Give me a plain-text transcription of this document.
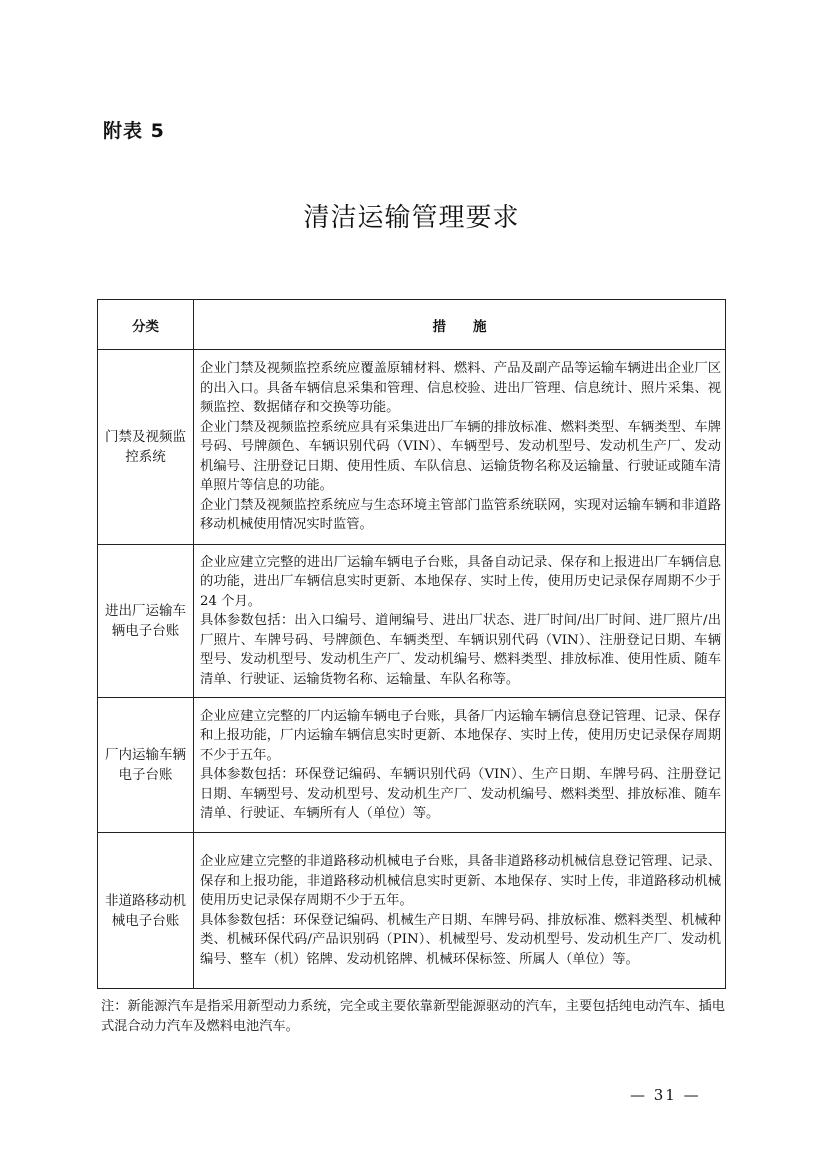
附表 5
清洁运输管理要求
分类	措　　施
门禁及视频监控系统	企业门禁及视频监控系统应覆盖原辅材料、燃料、产品及副产品等运输车辆进出企业厂区的出入口。具备车辆信息采集和管理、信息校验、进出厂管理、信息统计、照片采集、视频监控、数据储存和交换等功能。

企业门禁及视频监控系统应具有采集进出厂车辆的排放标准、燃料类型、车辆类型、车牌号码、号牌颜色、车辆识别代码（VIN）、车辆型号、发动机型号、发动机生产厂、发动机编号、注册登记日期、使用性质、车队信息、运输货物名称及运输量、行驶证或随车清单照片等信息的功能。

企业门禁及视频监控系统应与生态环境主管部门监管系统联网，实现对运输车辆和非道路移动机械使用情况实时监管。

进出厂运输车辆电子台账	企业应建立完整的进出厂运输车辆电子台账，具备自动记录、保存和上报进出厂车辆信息的功能，进出厂车辆信息实时更新、本地保存、实时上传，使用历史记录保存周期不少于 24 个月。

具体参数包括：出入口编号、道闸编号、进出厂状态、进厂时间/出厂时间、进厂照片/出厂照片、车牌号码、号牌颜色、车辆类型、车辆识别代码（VIN）、注册登记日期、车辆型号、发动机型号、发动机生产厂、发动机编号、燃料类型、排放标准、使用性质、随车清单、行驶证、运输货物名称、运输量、车队名称等。

厂内运输车辆电子台账	企业应建立完整的厂内运输车辆电子台账，具备厂内运输车辆信息登记管理、记录、保存和上报功能，厂内运输车辆信息实时更新、本地保存、实时上传，使用历史记录保存周期不少于五年。

具体参数包括：环保登记编码、车辆识别代码（VIN）、生产日期、车牌号码、注册登记日期、车辆型号、发动机型号、发动机生产厂、发动机编号、燃料类型、排放标准、随车清单、行驶证、车辆所有人（单位）等。

非道路移动机械电子台账	企业应建立完整的非道路移动机械电子台账，具备非道路移动机械信息登记管理、记录、保存和上报功能，非道路移动机械信息实时更新、本地保存、实时上传，非道路移动机械使用历史记录保存周期不少于五年。

具体参数包括：环保登记编码、机械生产日期、车牌号码、排放标准、燃料类型、机械种类、机械环保代码/产品识别码（PIN）、机械型号、发动机型号、发动机生产厂、发动机编号、整车（机）铭牌、发动机铭牌、机械环保标签、所属人（单位）等。

注：新能源汽车是指采用新型动力系统，完全或主要依靠新型能源驱动的汽车，主要包括纯电动汽车、插电式混合动力汽车及燃料电池汽车。
— 31 —
